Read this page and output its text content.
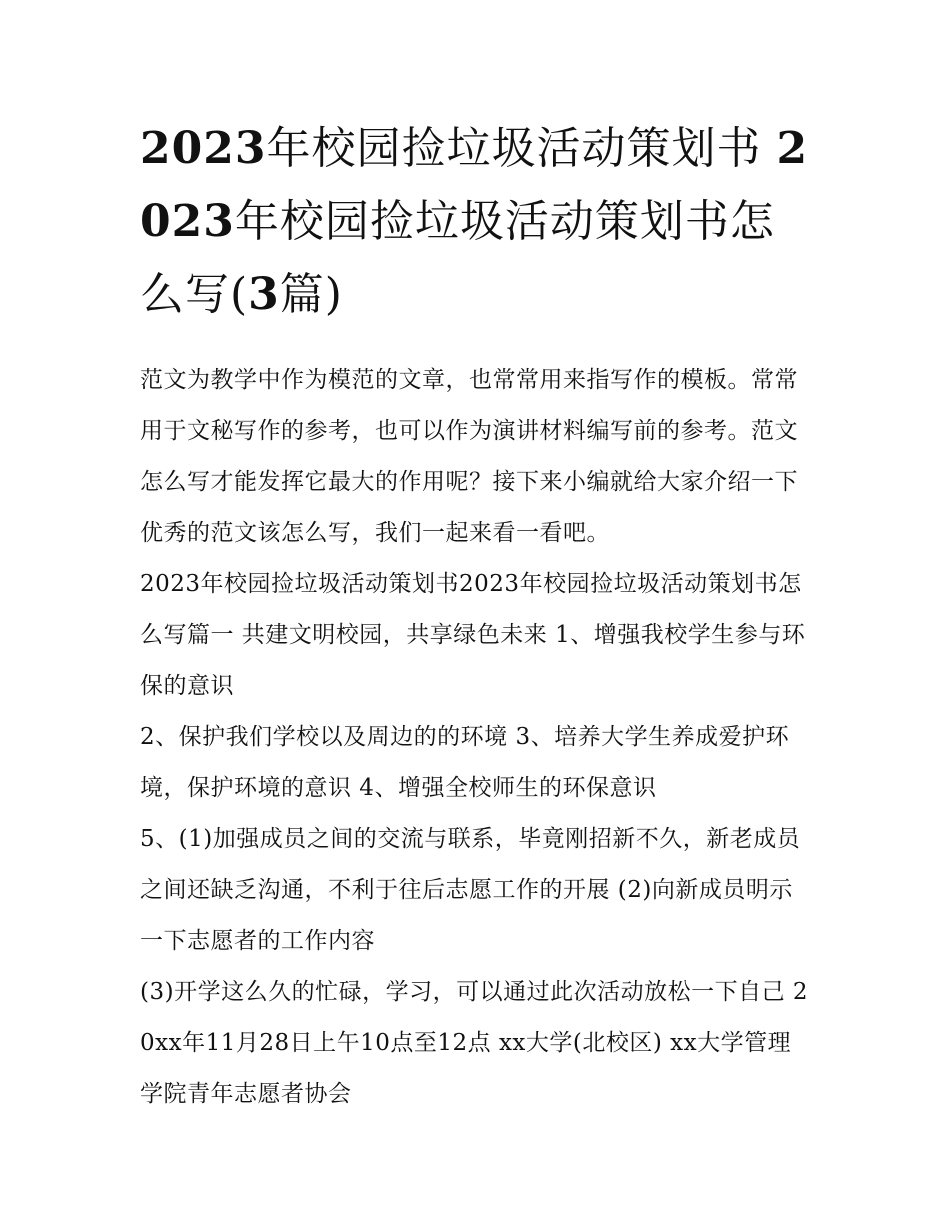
2023年校园捡垃圾活动策划书 2023年校园捡垃圾活动策划书怎么写(3篇)

范文为教学中作为模范的文章，也常常用来指写作的模板。常常用于文秘写作的参考，也可以作为演讲材料编写前的参考。范文怎么写才能发挥它最大的作用呢？接下来小编就给大家介绍一下优秀的范文该怎么写，我们一起来看一看吧。

2023年校园捡垃圾活动策划书2023年校园捡垃圾活动策划书怎么写篇一 共建文明校园，共享绿色未来 1、增强我校学生参与环保的意识

2、保护我们学校以及周边的的环境 3、培养大学生养成爱护环境，保护环境的意识 4、增强全校师生的环保意识

5、(1)加强成员之间的交流与联系，毕竟刚招新不久，新老成员之间还缺乏沟通，不利于往后志愿工作的开展 (2)向新成员明示一下志愿者的工作内容

(3)开学这么久的忙碌，学习，可以通过此次活动放松一下自己 20xx年11月28日上午10点至12点 xx大学(北校区) xx大学管理学院青年志愿者协会
